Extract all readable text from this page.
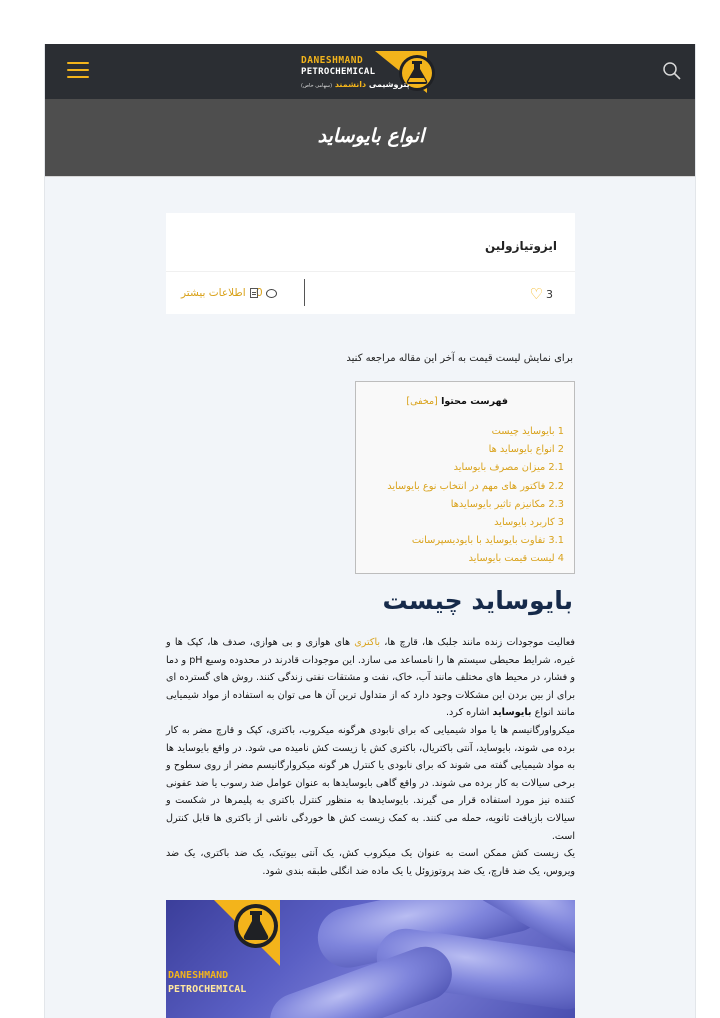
DANESHMAND
PETROCHEMICAL
پتروشیمی دانشمند (سهامی خاص)
انواع بایوساید
ایزوتیازولین
♡ 3
0
اطلاعات بیشتر
برای نمایش لیست قیمت به آخر این مقاله مراجعه کنید
فهرست محتوا [مخفی]
1 بایوساید چیست
2 انواع بایوساید ها
2.1 میزان مصرف بایوساید
2.2 فاکتور های مهم در انتخاب نوع بایوساید
2.3 مکانیزم تاثیر بایوسایدها
3 کاربرد بایوساید
3.1 تفاوت بایوساید با بایودیسپرسانت
4 لیست قیمت بایوساید
بایوساید چیست

فعالیت موجودات زنده مانند جلبک ها، قارچ ها، باکتری های هوازی و بی هوازی، صدف ها، کپک ها و غیره، شرایط محیطی سیستم ها را نامساعد می سازد. این موجودات قادرند در محدوده وسیع pH و دما و فشار، در محیط های مختلف مانند آب، خاک، نفت و مشتقات نفتی زندگی کنند. روش های گسترده ای برای از بین بردن این مشکلات وجود دارد که از متداول ترین آن ها می توان به استفاده از مواد شیمیایی مانند انواع بایوساید اشاره کرد.

میکرواورگانیسم ها یا مواد شیمیایی که برای نابودی هرگونه میکروب، باکتری، کپک و قارچ مضر به کار برده می شوند، بایوساید، آنتی باکتریال، باکتری کش یا زیست کش نامیده می شود. در واقع بایوساید ها به مواد شیمیایی گفته می شوند که برای نابودی یا کنترل هر گونه میکروارگانیسم مضر از روی سطوح و برخی سیالات به کار برده می شوند. در واقع گاهی بایوسایدها به عنوان عوامل ضد رسوب یا ضد عفونی کننده نیز مورد استفاده قرار می گیرند. بایوسایدها به منظور کنترل باکتری به پلیمرها در شکست و سیالات بازیافت ثانویه، حمله می کنند. به کمک زیست کش ها خوردگی ناشی از باکتری ها قابل کنترل است.

یک زیست کش ممکن است به عنوان یک میکروب کش، یک آنتی بیوتیک، یک ضد باکتری، یک ضد ویروس، یک ضد قارچ، یک ضد پروتوزوئل یا یک ماده ضد انگلی طبقه بندی شود.

DANESHMAND
PETROCHEMICAL
